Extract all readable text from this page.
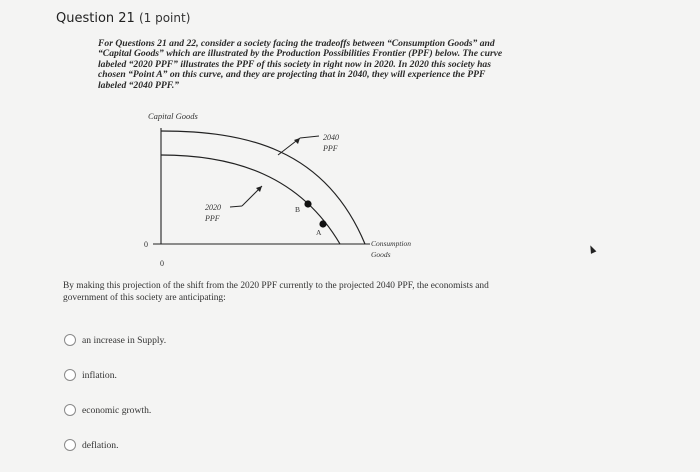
Question 21 (1 point)
For Questions 21 and 22, consider a society facing the tradeoffs between “Consumption Goods” and “Capital Goods” which are illustrated by the Production Possibilities Frontier (PPF) below. The curve labeled “2020 PPF” illustrates the PPF of this society in right now in 2020. In 2020 this society has chosen “Point A” on this curve, and they are projecting that in 2040, they will experience the PPF labeled “2040 PPF.”
Capital Goods
2040
PPF
2020
PPF
B
A
0
0
Consumption
Goods
By making this projection of the shift from the 2020 PPF currently to the projected 2040 PPF, the economists and government of this society are anticipating:
an increase in Supply.
inflation.
economic growth.
deflation.
